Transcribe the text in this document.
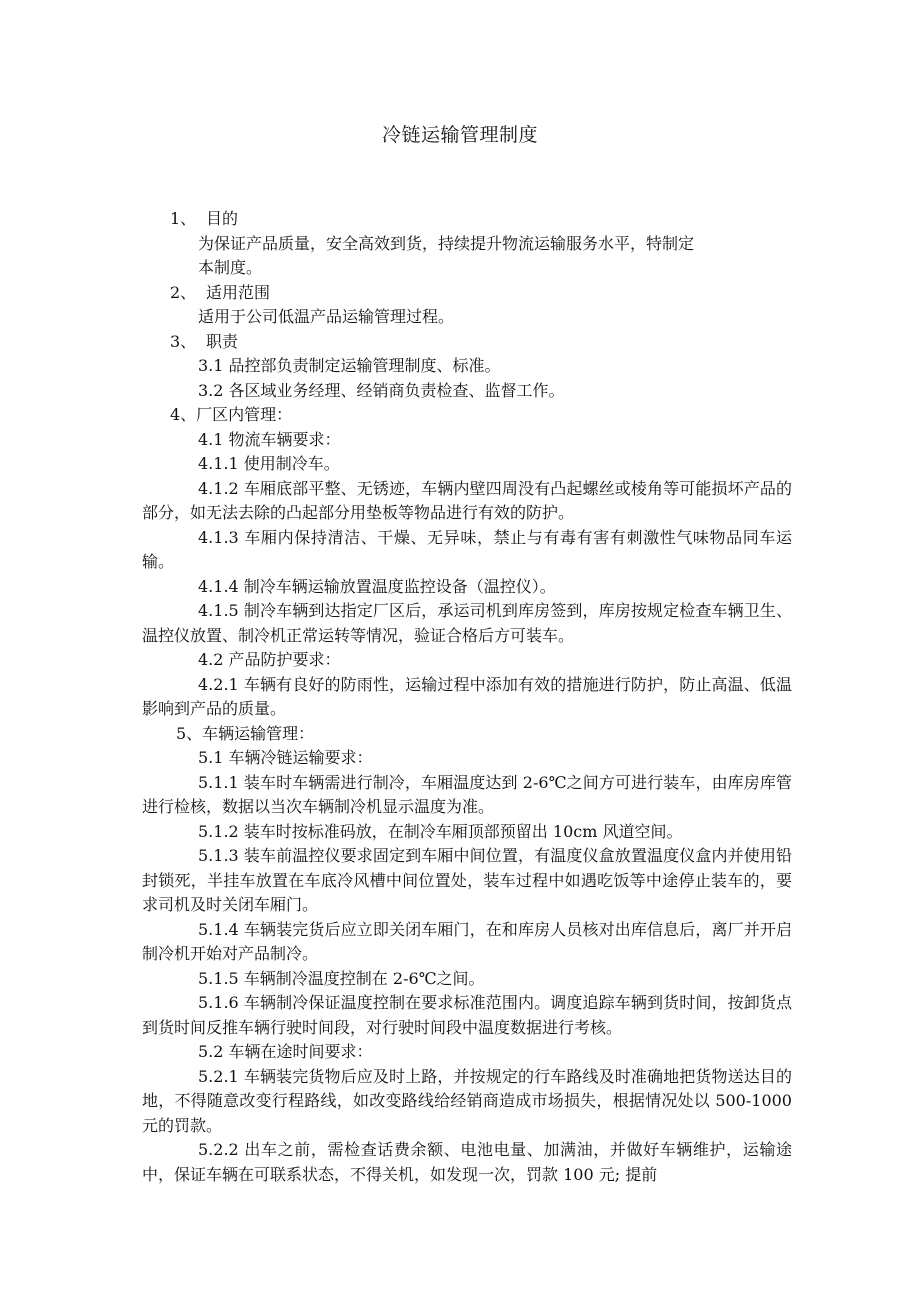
冷链运输管理制度

1、 目的

为保证产品质量，安全高效到货，持续提升物流运输服务水平，特制定

本制度。

2、 适用范围

适用于公司低温产品运输管理过程。

3、 职责

3.1 品控部负责制定运输管理制度、标准。

3.2 各区域业务经理、经销商负责检查、监督工作。

4、厂区内管理：

4.1 物流车辆要求：

4.1.1 使用制冷车。

4.1.2 车厢底部平整、无锈迹，车辆内壁四周没有凸起螺丝或棱角等可能损坏产品的部分，如无法去除的凸起部分用垫板等物品进行有效的防护。

4.1.3 车厢内保持清洁、干燥、无异味，禁止与有毒有害有刺激性气味物品同车运输。

4.1.4 制冷车辆运输放置温度监控设备（温控仪）。

4.1.5 制冷车辆到达指定厂区后，承运司机到库房签到，库房按规定检查车辆卫生、温控仪放置、制冷机正常运转等情况，验证合格后方可装车。

4.2 产品防护要求：

4.2.1 车辆有良好的防雨性，运输过程中添加有效的措施进行防护，防止高温、低温影响到产品的质量。

5、车辆运输管理：

5.1 车辆冷链运输要求：

5.1.1 装车时车辆需进行制冷，车厢温度达到 2-6℃之间方可进行装车，由库房库管进行检核，数据以当次车辆制冷机显示温度为准。

5.1.2 装车时按标准码放，在制冷车厢顶部预留出 10cm 风道空间。

5.1.3 装车前温控仪要求固定到车厢中间位置，有温度仪盒放置温度仪盒内并使用铅封锁死，半挂车放置在车底冷风槽中间位置处，装车过程中如遇吃饭等中途停止装车的，要求司机及时关闭车厢门。

5.1.4 车辆装完货后应立即关闭车厢门，在和库房人员核对出库信息后，离厂并开启制冷机开始对产品制冷。

5.1.5 车辆制冷温度控制在 2-6℃之间。

5.1.6 车辆制冷保证温度控制在要求标准范围内。调度追踪车辆到货时间，按卸货点到货时间反推车辆行驶时间段，对行驶时间段中温度数据进行考核。

5.2 车辆在途时间要求：

5.2.1 车辆装完货物后应及时上路，并按规定的行车路线及时准确地把货物送达目的地，不得随意改变行程路线，如改变路线给经销商造成市场损失，根据情况处以 500-1000 元的罚款。

5.2.2 出车之前，需检查话费余额、电池电量、加满油，并做好车辆维护，运输途中，保证车辆在可联系状态，不得关机，如发现一次，罚款 100 元; 提前
